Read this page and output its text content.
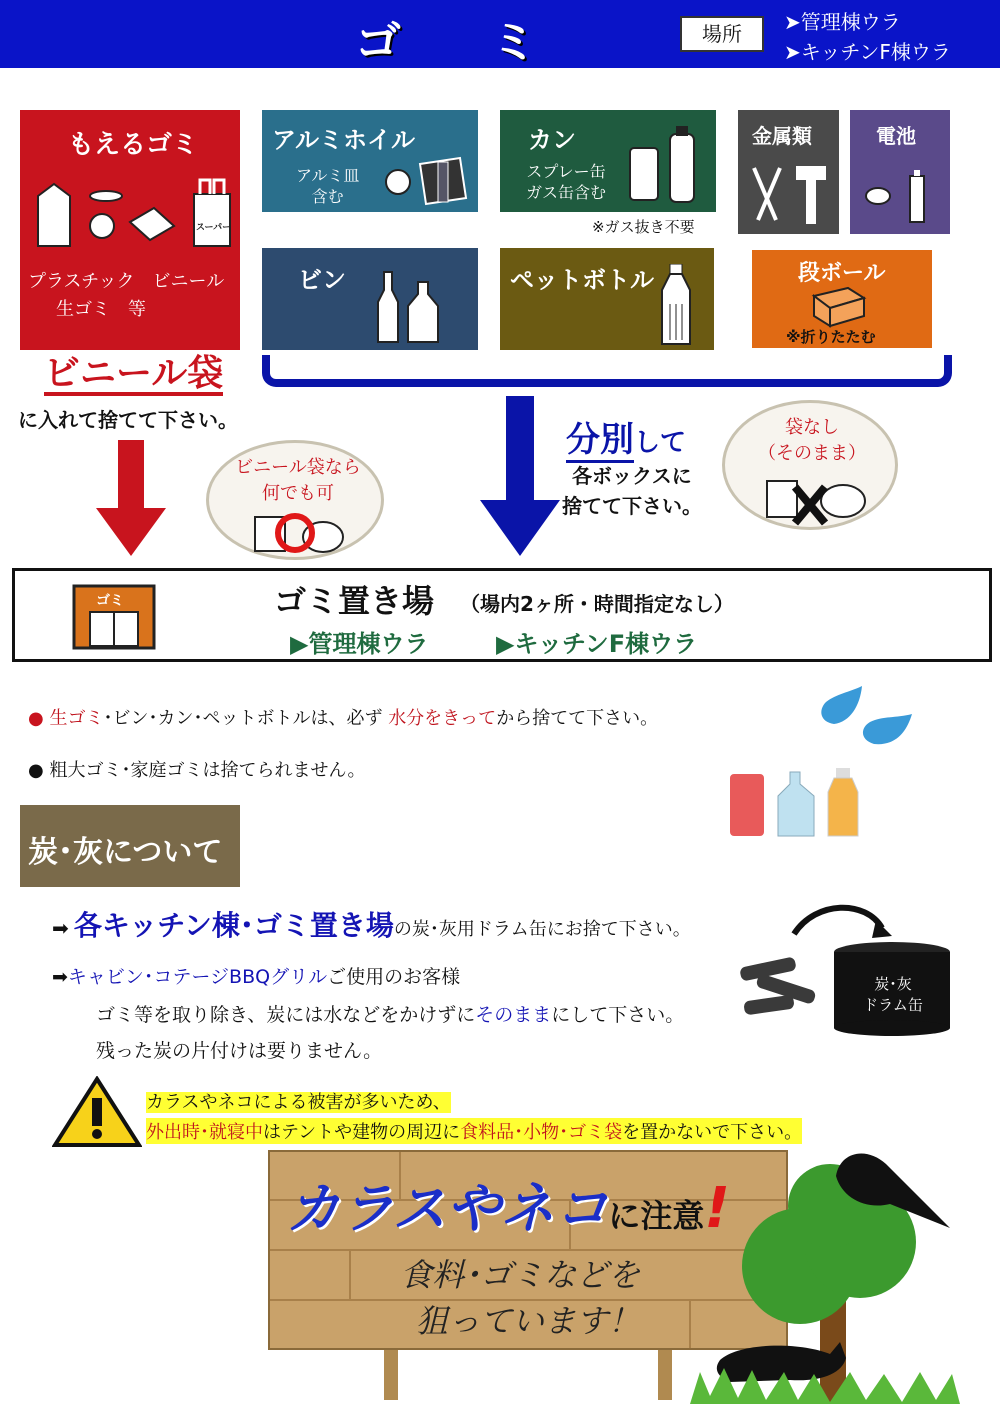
ゴミ	場所	➤管理棟ウラ
➤キッチンF棟ウラ
もえるゴミ
スーパー
プラスチック　ビニール
生ゴミ　等
アルミホイル
アルミ皿
含む
カン
スプレー缶
ガス缶含む
※ガス抜き不要
金属類	電池
ビン	ペットボトル	段ボール
※折りたたむ
ビニール袋
に入れて捨てて下さい。
ビニール袋なら
何でも可
分別して
各ボックスに
捨てて下さい。
袋なし
（そのまま）
ゴミ	ゴミ置き場 （場内2ヶ所・時間指定なし）
▶管理棟ウラ	▶キッチンF棟ウラ
● 生ゴミ･ビン･カン･ペットボトルは、必ず 水分をきってから捨てて下さい。
● 粗大ゴミ･家庭ゴミは捨てられません。
炭･灰について
➡ 各キッチン棟･ゴミ置き場の炭･灰用ドラム缶にお捨て下さい。
➡キャビン･コテージBBQグリルご使用のお客様
ゴミ等を取り除き、炭には水などをかけずにそのままにして下さい。
残った炭の片付けは要りません。
炭･灰
ドラム缶
カラスやネコによる被害が多いため、
外出時･就寝中はテントや建物の周辺に食料品･小物･ゴミ袋を置かないで下さい。
カラスやネコに注意!
食料･ゴミなどを
狙っています！
